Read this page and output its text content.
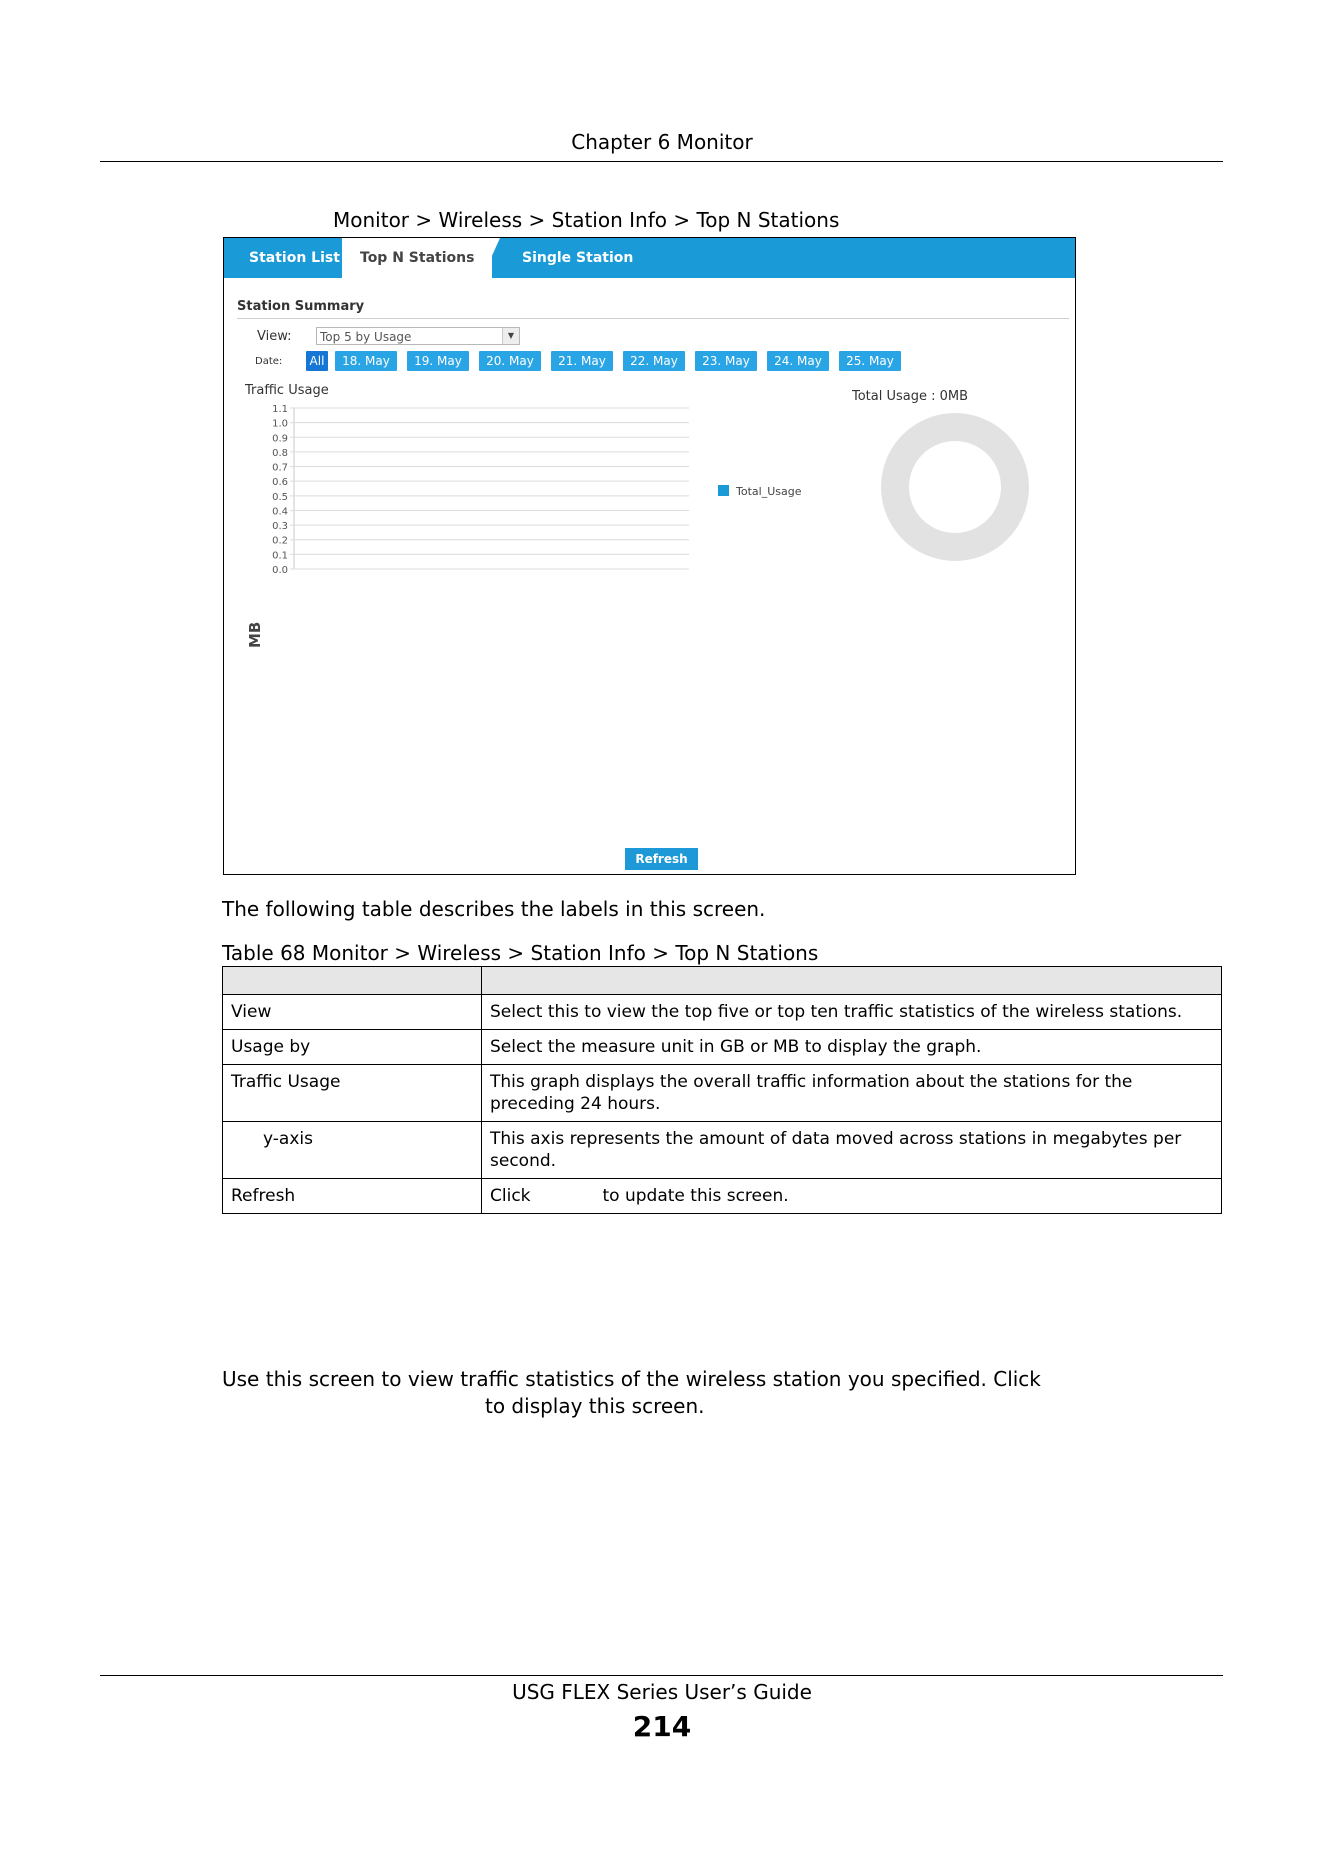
Chapter 6 Monitor
Monitor > Wireless > Station Info > Top N Stations
Station List	Top N Stations	Single Station
Station Summary
View:	Top 5 by Usage	▼
Date: All	18. May	19. May	20. May	21. May	22. May	23. May	24. May	25. May
Traffic Usage	Total Usage : 0MB
MB
1.1
1.0
0.9
0.8
0.7
0.6
0.5
0.4
0.3
0.2
0.1
0.0
Total_Usage
Refresh
The following table describes the labels in this screen.
Table 68 Monitor > Wireless > Station Info > Top N Stations

View	Select this to view the top five or top ten traffic statistics of the wireless stations.
Usage by	Select the measure unit in GB or MB to display the graph.
Traffic Usage	This graph displays the overall traffic information about the stations for the preceding 24 hours.
y-axis	This axis represents the amount of data moved across stations in megabytes per second.
Refresh	Click to update this screen.
Use this screen to view traffic statistics of the wireless station you specified. Click
to display this screen.
USG FLEX Series User’s Guide
214
